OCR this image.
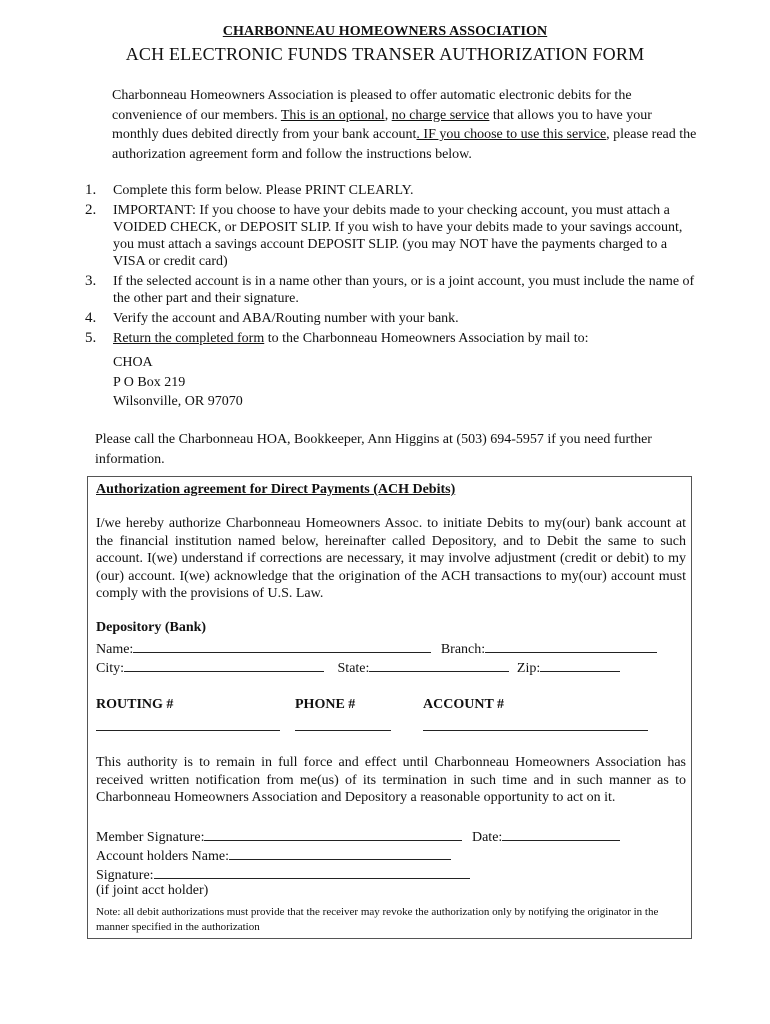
CHARBONNEAU HOMEOWNERS ASSOCIATION
ACH ELECTRONIC FUNDS TRANSER AUTHORIZATION FORM
Charbonneau Homeowners Association is pleased to offer automatic electronic debits for the convenience of our members. This is an optional, no charge service that allows you to have your monthly dues debited directly from your bank account. IF you choose to use this service, please read the authorization agreement form and follow the instructions below.
1. Complete this form below. Please PRINT CLEARLY.
2. IMPORTANT: If you choose to have your debits made to your checking account, you must attach a VOIDED CHECK, or DEPOSIT SLIP. If you wish to have your debits made to your savings account, you must attach a savings account DEPOSIT SLIP. (you may NOT have the payments charged to a VISA or credit card)
3. If the selected account is in a name other than yours, or is a joint account, you must include the name of the other part and their signature.
4. Verify the account and ABA/Routing number with your bank.
5. Return the completed form to the Charbonneau Homeowners Association by mail to:
CHOA
P O Box 219
Wilsonville, OR 97070
Please call the Charbonneau HOA, Bookkeeper, Ann Higgins at (503) 694-5957 if you need further information.
Authorization agreement for Direct Payments (ACH Debits)
I/we hereby authorize Charbonneau Homeowners Assoc. to initiate Debits to my(our) bank account at the financial institution named below, hereinafter called Depository, and to Debit the same to such account. I(we) understand if corrections are necessary, it may involve adjustment (credit or debit) to my (our) account. I(we) acknowledge that the origination of the ACH transactions to my(our) account must comply with the provisions of U.S. Law.
Depository (Bank)
Name:	Branch:
City:	State:	Zip:
ROUTING #	PHONE #	ACCOUNT #
This authority is to remain in full force and effect until Charbonneau Homeowners Association has received written notification from me(us) of its termination in such time and in such manner as to Charbonneau Homeowners Association and Depository a reasonable opportunity to act on it.
Member Signature:	Date:
Account holders Name:
Signature:
(if joint acct holder)
Note: all debit authorizations must provide that the receiver may revoke the authorization only by notifying the originator in the manner specified in the authorization
